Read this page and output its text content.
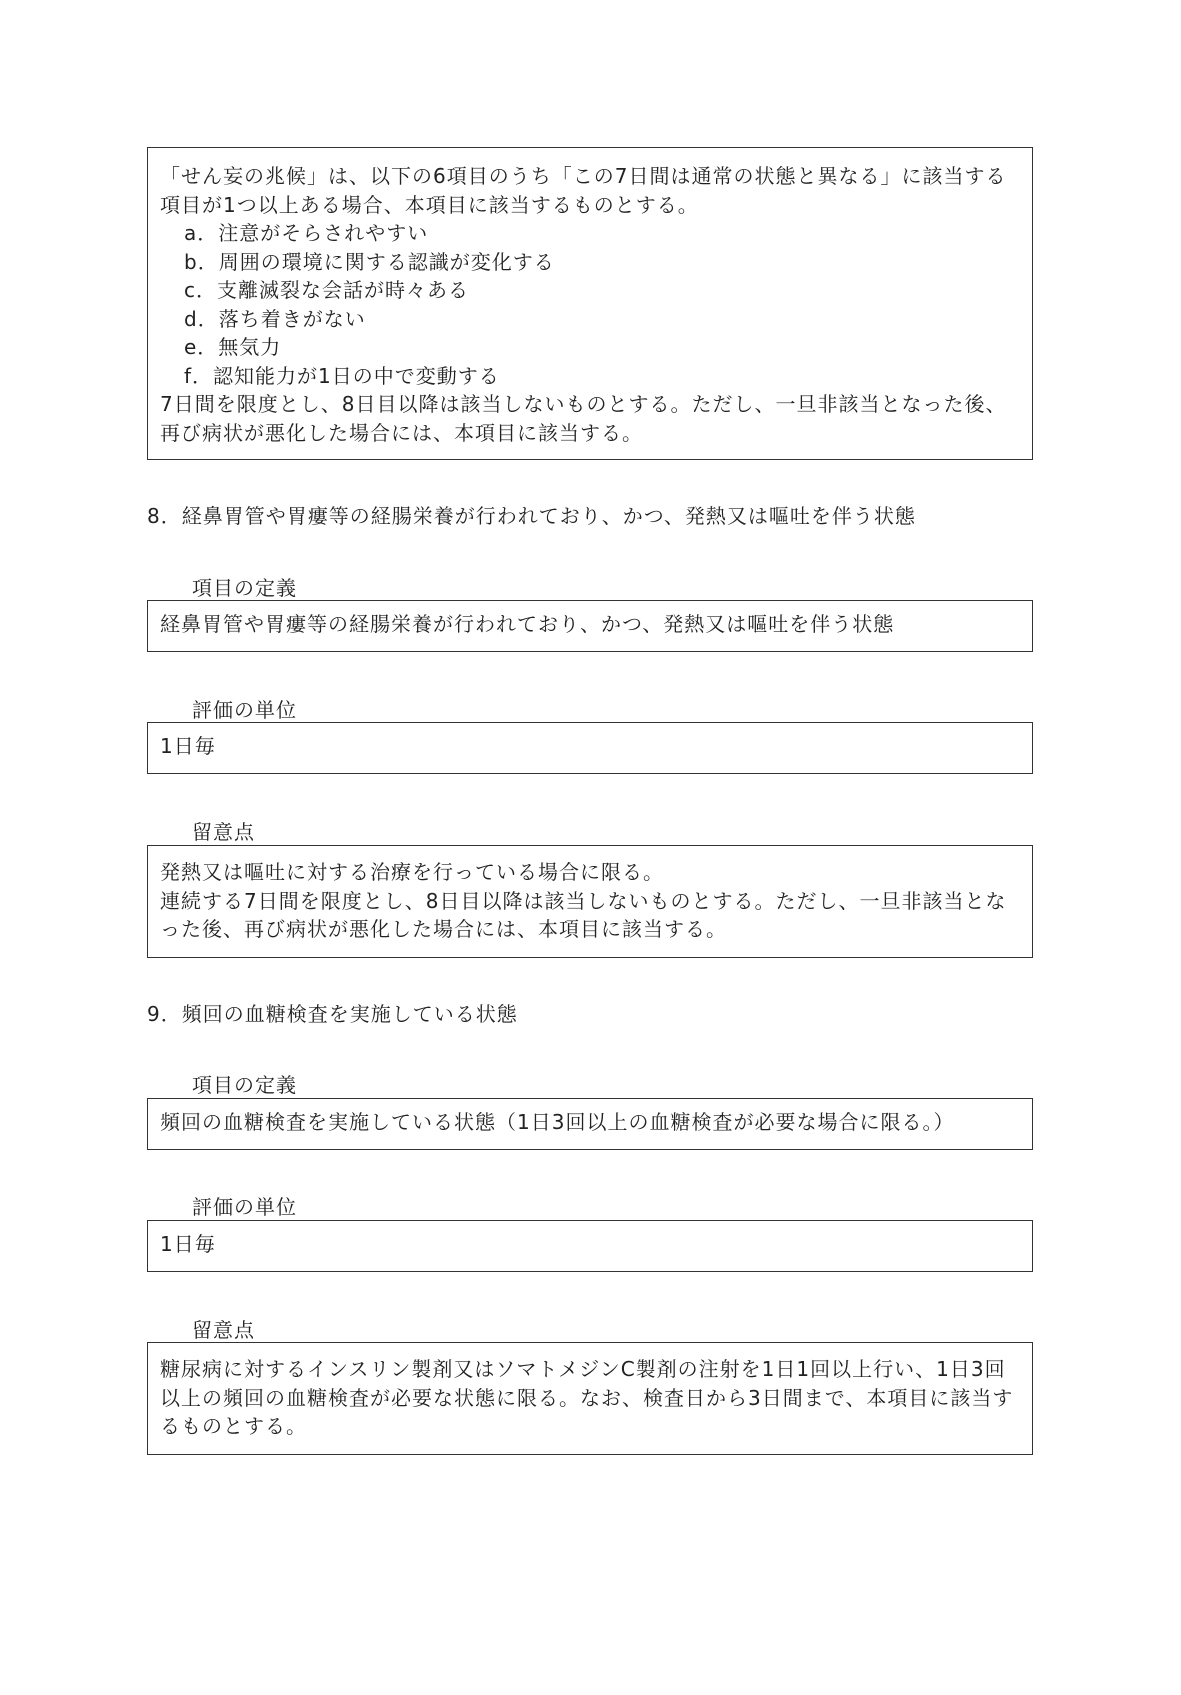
「せん妄の兆候」は、以下の6項目のうち「この7日間は通常の状態と異なる」に該当する項目が1つ以上ある場合、本項目に該当するものとする。

a．注意がそらされやすい

b．周囲の環境に関する認識が変化する

c．支離滅裂な会話が時々ある

d．落ち着きがない

e．無気力

f．認知能力が1日の中で変動する

7日間を限度とし、8日目以降は該当しないものとする。ただし、一旦非該当となった後、再び病状が悪化した場合には、本項目に該当する。

8．経鼻胃管や胃瘻等の経腸栄養が行われており、かつ、発熱又は嘔吐を伴う状態
項目の定義

経鼻胃管や胃瘻等の経腸栄養が行われており、かつ、発熱又は嘔吐を伴う状態

評価の単位

1日毎

留意点

発熱又は嘔吐に対する治療を行っている場合に限る。

連続する7日間を限度とし、8日目以降は該当しないものとする。ただし、一旦非該当となった後、再び病状が悪化した場合には、本項目に該当する。

9．頻回の血糖検査を実施している状態
項目の定義

頻回の血糖検査を実施している状態（1日3回以上の血糖検査が必要な場合に限る。）

評価の単位

1日毎

留意点

糖尿病に対するインスリン製剤又はソマトメジンC製剤の注射を1日1回以上行い、1日3回以上の頻回の血糖検査が必要な状態に限る。なお、検査日から3日間まで、本項目に該当するものとする。
